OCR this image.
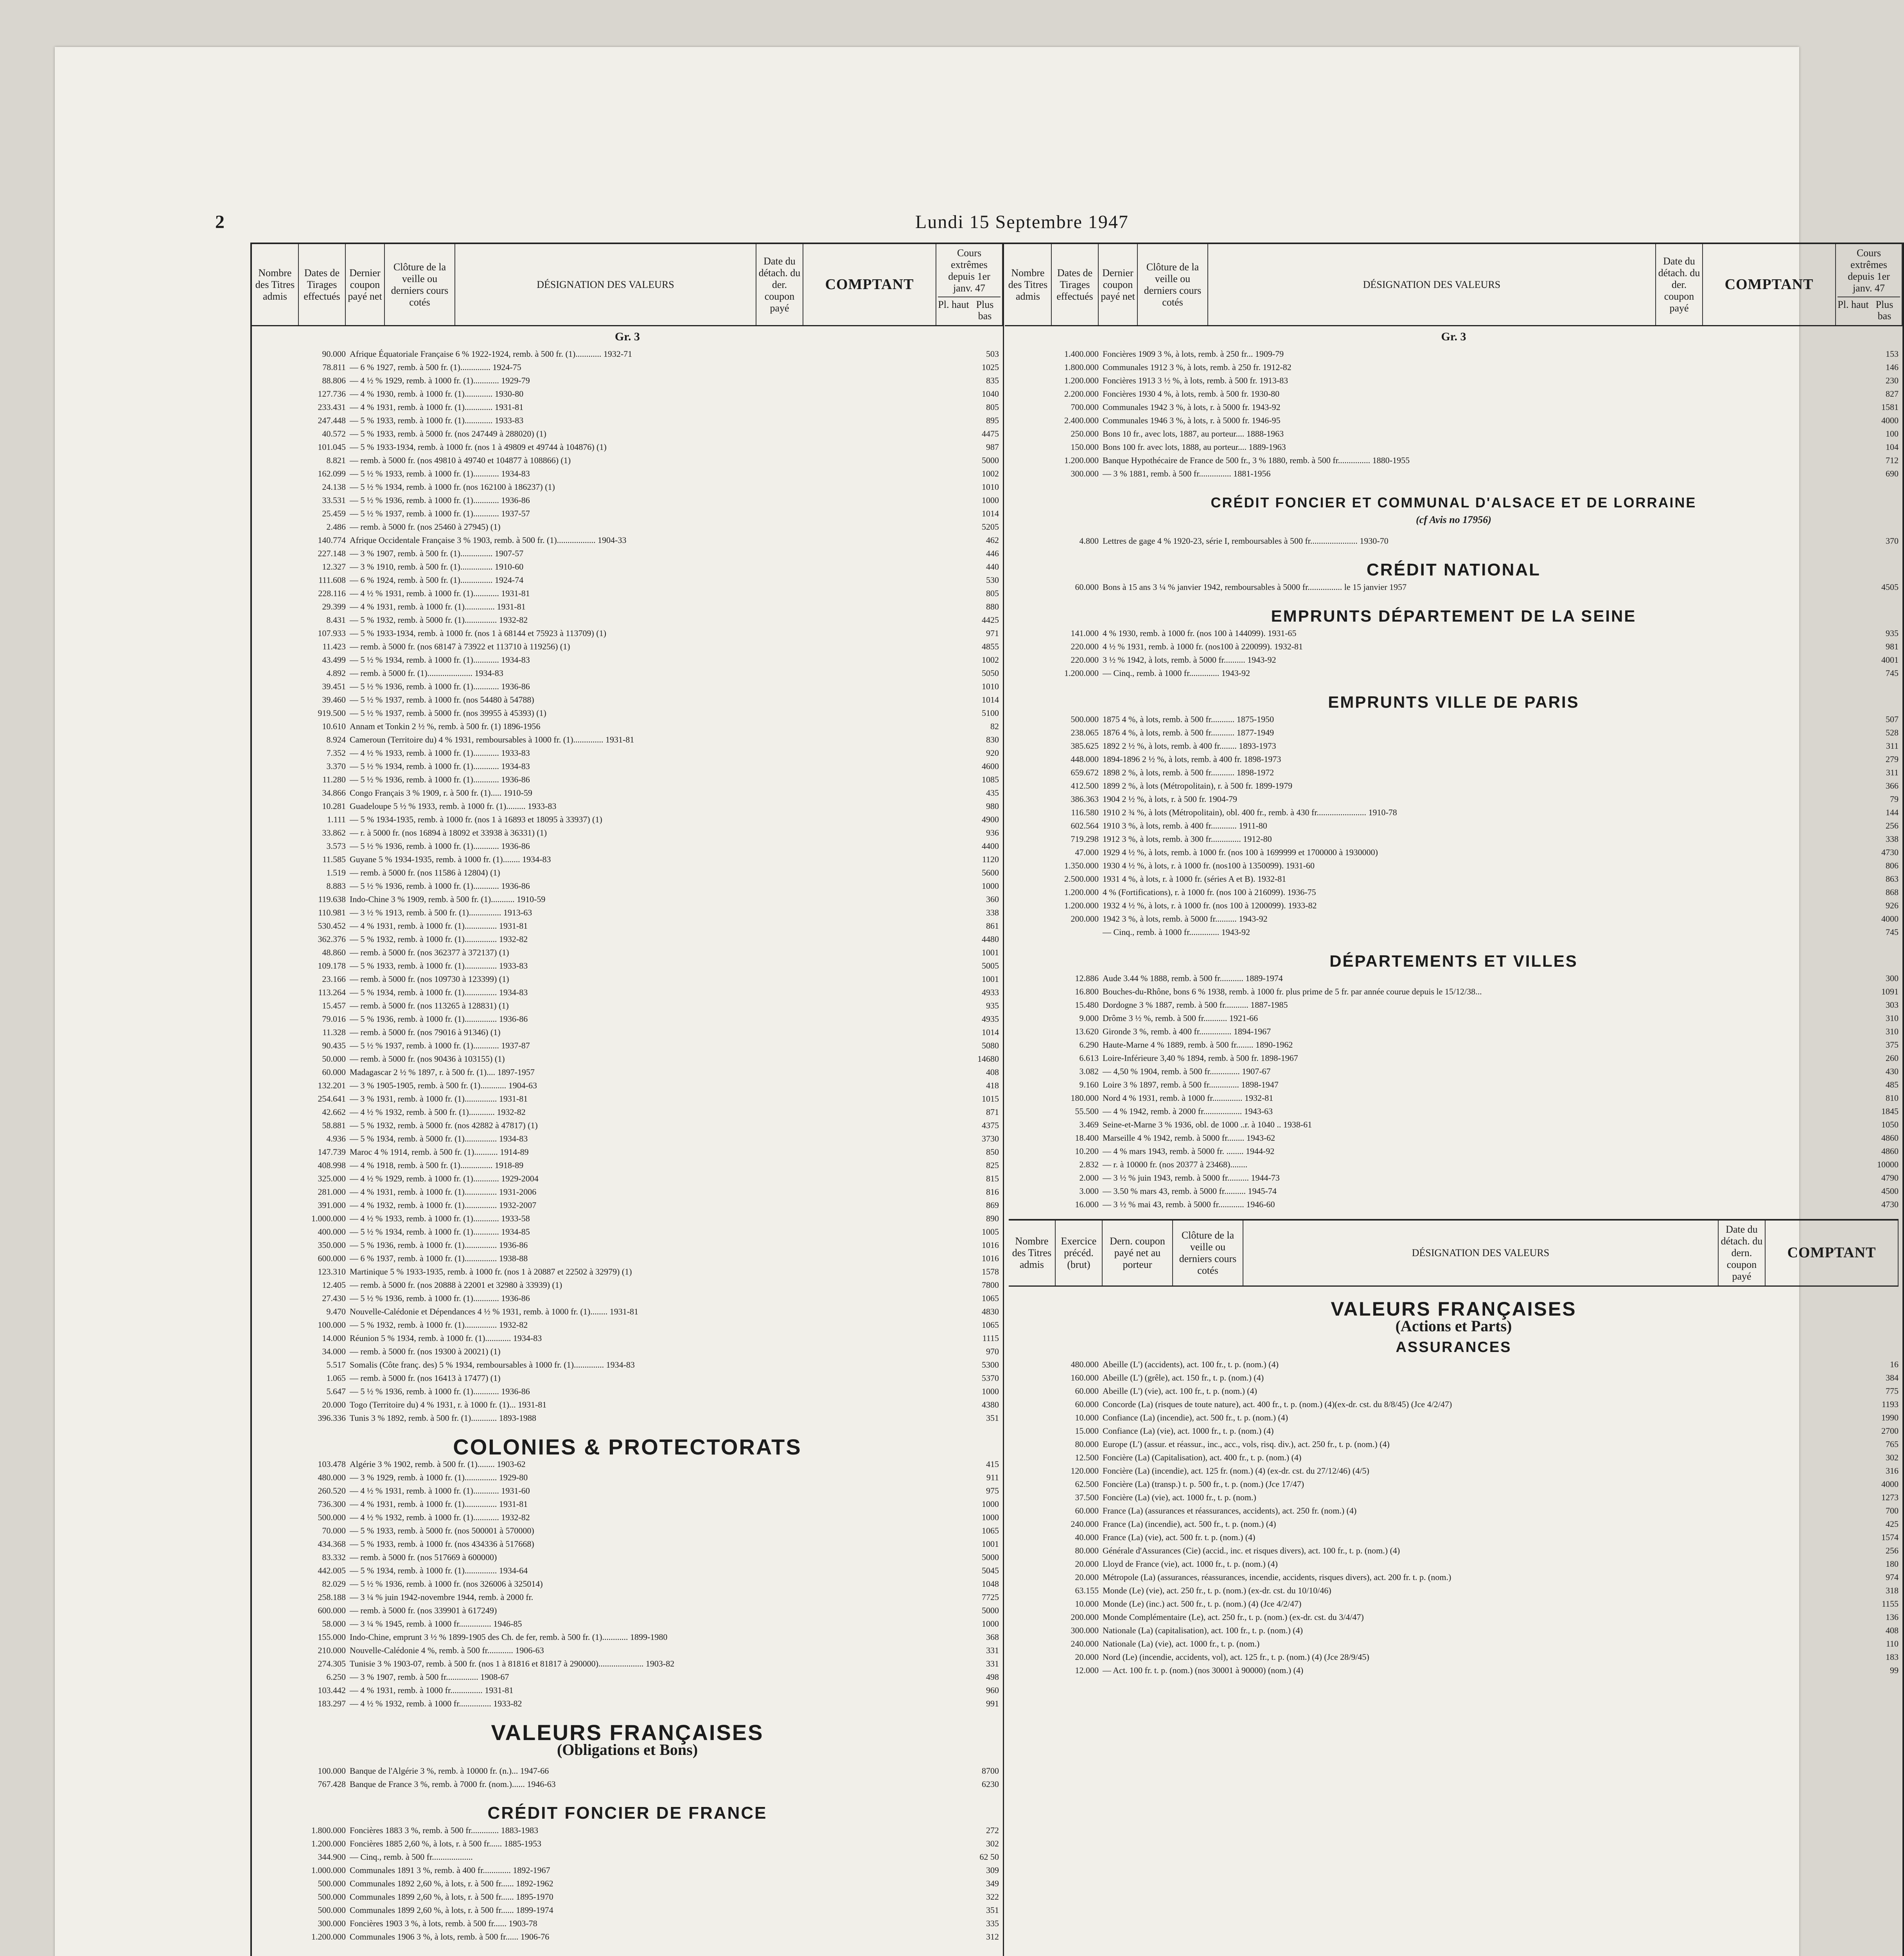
2	Lundi 15 Septembre 1947
Nombre des Titres admis	Dates de Tirages effectués	Dernier coupon payé net	Clôture de la veille ou derniers cours cotés	DÉSIGNATION DES VALEURS	Date du détach. du der. coupon payé	COMPTANT	
Cours extrêmes depuis 1er janv. 47
Pl. haut Plus bas
Gr. 3
90.000 Afrique Équatoriale Française 6 % 1922-1924, remb. à 500 fr. (1)............ 1932-71	503
78.811 — 6 % 1927, remb. à 500 fr. (1).............. 1924-75	1025
88.806 — 4 ½ % 1929, remb. à 1000 fr. (1)............ 1929-79	835
127.736 — 4 % 1930, remb. à 1000 fr. (1)............. 1930-80	1040
233.431 — 4 % 1931, remb. à 1000 fr. (1)............. 1931-81	805
247.448 — 5 % 1933, remb. à 1000 fr. (1)............. 1933-83	895
40.572 — 5 % 1933, remb. à 5000 fr. (nos 247449 à 288020) (1)	4475
101.045 — 5 % 1933-1934, remb. à 1000 fr. (nos 1 à 49809 et 49744 à 104876) (1)	987
8.821 — remb. à 5000 fr. (nos 49810 à 49740 et 104877 à 108866) (1)	5000
162.099 — 5 ½ % 1933, remb. à 1000 fr. (1)............ 1934-83	1002
24.138 — 5 ½ % 1934, remb. à 1000 fr. (nos 162100 à 186237) (1)	1010
33.531 — 5 ½ % 1936, remb. à 1000 fr. (1)............ 1936-86	1000
25.459 — 5 ½ % 1937, remb. à 1000 fr. (1)............ 1937-57	1014
2.486 — remb. à 5000 fr. (nos 25460 à 27945) (1)	5205
140.774 Afrique Occidentale Française 3 % 1903, remb. à 500 fr. (1).................. 1904-33	462
227.148 — 3 % 1907, remb. à 500 fr. (1)............... 1907-57	446
12.327 — 3 % 1910, remb. à 500 fr. (1)............... 1910-60	440
111.608 — 6 % 1924, remb. à 500 fr. (1)............... 1924-74	530
228.116 — 4 ½ % 1931, remb. à 1000 fr. (1)............ 1931-81	805
29.399 — 4 % 1931, remb. à 1000 fr. (1).............. 1931-81	880
8.431 — 5 % 1932, remb. à 5000 fr. (1)............... 1932-82	4425
107.933 — 5 % 1933-1934, remb. à 1000 fr. (nos 1 à 68144 et 75923 à 113709) (1)	971
11.423 — remb. à 5000 fr. (nos 68147 à 73922 et 113710 à 119256) (1)	4855
43.499 — 5 ½ % 1934, remb. à 1000 fr. (1)............ 1934-83	1002
4.892 — remb. à 5000 fr. (1)..................... 1934-83	5050
39.451 — 5 ½ % 1936, remb. à 1000 fr. (1)............ 1936-86	1010
39.460 — 5 ½ % 1937, remb. à 1000 fr. (nos 54480 à 54788)	1014
919.500 — 5 ½ % 1937, remb. à 5000 fr. (nos 39955 à 45393) (1)	5100
10.610 Annam et Tonkin 2 ½ %, remb. à 500 fr. (1) 1896-1956	82
8.924 Cameroun (Territoire du) 4 % 1931, remboursables à 1000 fr. (1).............. 1931-81	830
7.352 — 4 ½ % 1933, remb. à 1000 fr. (1)............ 1933-83	920
3.370 — 5 ½ % 1934, remb. à 1000 fr. (1)............ 1934-83	4600
11.280 — 5 ½ % 1936, remb. à 1000 fr. (1)............ 1936-86	1085
34.866 Congo Français 3 % 1909, r. à 500 fr. (1)..... 1910-59	435
10.281 Guadeloupe 5 ½ % 1933, remb. à 1000 fr. (1)......... 1933-83	980
1.111 — 5 % 1934-1935, remb. à 1000 fr. (nos 1 à 16893 et 18095 à 33937) (1)	4900
33.862 — r. à 5000 fr. (nos 16894 à 18092 et 33938 à 36331) (1)	936
3.573 — 5 ½ % 1936, remb. à 1000 fr. (1)............ 1936-86	4400
11.585 Guyane 5 % 1934-1935, remb. à 1000 fr. (1)........ 1934-83	1120
1.519 — remb. à 5000 fr. (nos 11586 à 12804) (1)	5600
8.883 — 5 ½ % 1936, remb. à 1000 fr. (1)............ 1936-86	1000
119.638 Indo-Chine 3 % 1909, remb. à 500 fr. (1)........... 1910-59	360
110.981 — 3 ½ % 1913, remb. à 500 fr. (1)............... 1913-63	338
530.452 — 4 % 1931, remb. à 1000 fr. (1)............... 1931-81	861
362.376 — 5 % 1932, remb. à 1000 fr. (1)............... 1932-82	4480
48.860 — remb. à 5000 fr. (nos 362377 à 372137) (1)	1001
109.178 — 5 % 1933, remb. à 1000 fr. (1)............... 1933-83	5005
23.166 — remb. à 5000 fr. (nos 109730 à 123399) (1)	1001
113.264 — 5 % 1934, remb. à 1000 fr. (1)............... 1934-83	4933
15.457 — remb. à 5000 fr. (nos 113265 à 128831) (1)	935
79.016 — 5 % 1936, remb. à 1000 fr. (1)............... 1936-86	4935
11.328 — remb. à 5000 fr. (nos 79016 à 91346) (1)	1014
90.435 — 5 ½ % 1937, remb. à 1000 fr. (1)............ 1937-87	5080
50.000 — remb. à 5000 fr. (nos 90436 à 103155) (1)	14680
60.000 Madagascar 2 ½ % 1897, r. à 500 fr. (1).... 1897-1957	408
132.201 — 3 % 1905-1905, remb. à 500 fr. (1)............ 1904-63	418
254.641 — 3 % 1931, remb. à 1000 fr. (1)............... 1931-81	1015
42.662 — 4 ½ % 1932, remb. à 500 fr. (1)............ 1932-82	871
58.881 — 5 % 1932, remb. à 5000 fr. (nos 42882 à 47817) (1)	4375
4.936 — 5 % 1934, remb. à 5000 fr. (1)............... 1934-83	3730
147.739 Maroc 4 % 1914, remb. à 500 fr. (1)........... 1914-89	850
408.998 — 4 % 1918, remb. à 500 fr. (1)............... 1918-89	825
325.000 — 4 ½ % 1929, remb. à 1000 fr. (1)............ 1929-2004	815
281.000 — 4 % 1931, remb. à 1000 fr. (1)............... 1931-2006	816
391.000 — 4 % 1932, remb. à 1000 fr. (1)............... 1932-2007	869
1.000.000 — 4 ½ % 1933, remb. à 1000 fr. (1)............ 1933-58	890
400.000 — 5 ½ % 1934, remb. à 1000 fr. (1)............ 1934-85	1005
350.000 — 5 % 1936, remb. à 1000 fr. (1)............... 1936-86	1016
600.000 — 6 % 1937, remb. à 1000 fr. (1)............... 1938-88	1016
123.310 Martinique 5 % 1933-1935, remb. à 1000 fr. (nos 1 à 20887 et 22502 à 32979) (1)	1578
12.405 — remb. à 5000 fr. (nos 20888 à 22001 et 32980 à 33939) (1)	7800
27.430 — 5 ½ % 1936, remb. à 1000 fr. (1)............ 1936-86	1065
9.470 Nouvelle-Calédonie et Dépendances 4 ½ % 1931, remb. à 1000 fr. (1)........ 1931-81	4830
100.000 — 5 % 1932, remb. à 1000 fr. (1)............... 1932-82	1065
14.000 Réunion 5 % 1934, remb. à 1000 fr. (1)............ 1934-83	1115
34.000 — remb. à 5000 fr. (nos 19300 à 20021) (1)	970
5.517 Somalis (Côte franç. des) 5 % 1934, remboursables à 1000 fr. (1).............. 1934-83	5300
1.065 — remb. à 5000 fr. (nos 16413 à 17477) (1)	5370
5.647 — 5 ½ % 1936, remb. à 1000 fr. (1)............ 1936-86	1000
20.000 Togo (Territoire du) 4 % 1931, r. à 1000 fr. (1)... 1931-81	4380
396.336 Tunis 3 % 1892, remb. à 500 fr. (1)............ 1893-1988	351
COLONIES & PROTECTORATS
103.478 Algérie 3 % 1902, remb. à 500 fr. (1)........ 1903-62	415
480.000 — 3 % 1929, remb. à 1000 fr. (1)............... 1929-80	911
260.520 — 4 ½ % 1931, remb. à 1000 fr. (1)............ 1931-60	975
736.300 — 4 % 1931, remb. à 1000 fr. (1)............... 1931-81	1000
500.000 — 4 ½ % 1932, remb. à 1000 fr. (1)............ 1932-82	1000
70.000 — 5 % 1933, remb. à 5000 fr. (nos 500001 à 570000)	1065
434.368 — 5 % 1933, remb. à 1000 fr. (nos 434336 à 517668)	1001
83.332 — remb. à 5000 fr. (nos 517669 à 600000)	5000
442.005 — 5 % 1934, remb. à 1000 fr. (1)............... 1934-64	5045
82.029 — 5 ½ % 1936, remb. à 1000 fr. (nos 326006 à 325014)	1048
258.188 — 3 ¼ % juin 1942-novembre 1944, remb. à 2000 fr.	7725
600.000 — remb. à 5000 fr. (nos 339901 à 617249)	5000
58.000 — 3 ¼ % 1945, remb. à 1000 fr............... 1946-85	1000
155.000 Indo-Chine, emprunt 3 ½ % 1899-1905 des Ch. de fer, remb. à 500 fr. (1)............ 1899-1980	368
210.000 Nouvelle-Calédonie 4 %, remb. à 500 fr............ 1906-63	331
274.305 Tunisie 3 % 1903-07, remb. à 500 fr. (nos 1 à 81816 et 81817 à 290000)..................... 1903-82	331
6.250 — 3 % 1907, remb. à 500 fr............... 1908-67	498
103.442 — 4 % 1931, remb. à 1000 fr............... 1931-81	960
183.297 — 4 ½ % 1932, remb. à 1000 fr............... 1933-82	991
VALEURS FRANÇAISES
(Obligations et Bons)
100.000 Banque de l'Algérie 3 %, remb. à 10000 fr. (n.)... 1947-66	8700
767.428 Banque de France 3 %, remb. à 7000 fr. (nom.)...... 1946-63	6230
CRÉDIT FONCIER DE FRANCE
1.800.000 Foncières 1883 3 %, remb. à 500 fr............. 1883-1983	272
1.200.000 Foncières 1885 2,60 %, à lots, r. à 500 fr...... 1885-1953	302
344.900 — Cinq., remb. à 500 fr...................	62 50
1.000.000 Communales 1891 3 %, remb. à 400 fr............. 1892-1967	309
500.000 Communales 1892 2,60 %, à lots, r. à 500 fr...... 1892-1962	349
500.000 Communales 1899 2,60 %, à lots, r. à 500 fr...... 1895-1970	322
500.000 Communales 1899 2,60 %, à lots, r. à 500 fr...... 1899-1974	351
300.000 Foncières 1903 3 %, à lots, remb. à 500 fr...... 1903-78	335
1.200.000 Communales 1906 3 %, à lots, remb. à 500 fr...... 1906-76	312
Nombre des Titres admis	Dates de Tirages effectués	Dernier coupon payé net	Clôture de la veille ou derniers cours cotés	DÉSIGNATION DES VALEURS	Date du détach. du der. coupon payé	COMPTANT	
Cours extrêmes depuis 1er janv. 47
Pl. haut Plus bas
Gr. 3
1.400.000 Foncières 1909 3 %, à lots, remb. à 250 fr... 1909-79	153
1.800.000 Communales 1912 3 %, à lots, remb. à 250 fr. 1912-82	146
1.200.000 Foncières 1913 3 ½ %, à lots, remb. à 500 fr. 1913-83	230
2.200.000 Foncières 1930 4 %, à lots, remb. à 500 fr. 1930-80	827
700.000 Communales 1942 3 %, à lots, r. à 5000 fr. 1943-92	1581
2.400.000 Communales 1946 3 %, à lots, r. à 5000 fr. 1946-95	4000
250.000 Bons 10 fr., avec lots, 1887, au porteur.... 1888-1963	100
150.000 Bons 100 fr. avec lots, 1888, au porteur.... 1889-1963	104
1.200.000 Banque Hypothécaire de France de 500 fr., 3 % 1880, remb. à 500 fr............... 1880-1955	712
300.000 — 3 % 1881, remb. à 500 fr............... 1881-1956	690
CRÉDIT FONCIER ET COMMUNAL D'ALSACE ET DE LORRAINE
(cf Avis no 17956)
4.800 Lettres de gage 4 % 1920-23, série I, remboursables à 500 fr...................... 1930-70	370
CRÉDIT NATIONAL
60.000 Bons à 15 ans 3 ¼ % janvier 1942, remboursables à 5000 fr................ le 15 janvier 1957	4505
EMPRUNTS DÉPARTEMENT DE LA SEINE
141.000 4 % 1930, remb. à 1000 fr. (nos 100 à 144099). 1931-65	935
220.000 4 ½ % 1931, remb. à 1000 fr. (nos100 à 220099). 1932-81	981
220.000 3 ½ % 1942, à lots, remb. à 5000 fr.......... 1943-92	4001
1.200.000 — Cinq., remb. à 1000 fr.............. 1943-92	745
EMPRUNTS VILLE DE PARIS
500.000 1875 4 %, à lots, remb. à 500 fr........... 1875-1950	507
238.065 1876 4 %, à lots, remb. à 500 fr........... 1877-1949	528
385.625 1892 2 ½ %, à lots, remb. à 400 fr........ 1893-1973	311
448.000 1894-1896 2 ½ %, à lots, remb. à 400 fr. 1898-1973	279
659.672 1898 2 %, à lots, remb. à 500 fr........... 1898-1972	311
412.500 1899 2 %, à lots (Métropolitain), r. à 500 fr. 1899-1979	366
386.363 1904 2 ½ %, à lots, r. à 500 fr. 1904-79	79
116.580 1910 2 ¾ %, à lots (Métropolitain), obl. 400 fr., remb. à 430 fr....................... 1910-78	144
602.564 1910 3 %, à lots, remb. à 400 fr............ 1911-80	256
719.298 1912 3 %, à lots, remb. à 300 fr.............. 1912-80	338
47.000 1929 4 ½ %, à lots, remb. à 1000 fr. (nos 100 à 1699999 et 1700000 à 1930000)	4730
1.350.000 1930 4 ½ %, à lots, r. à 1000 fr. (nos100 à 1350099). 1931-60	806
2.500.000 1931 4 %, à lots, r. à 1000 fr. (séries A et B). 1932-81	863
1.200.000 4 % (Fortifications), r. à 1000 fr. (nos 100 à 216099). 1936-75	868
1.200.000 1932 4 ½ %, à lots, r. à 1000 fr. (nos 100 à 1200099). 1933-82	926
200.000 1942 3 %, à lots, remb. à 5000 fr.......... 1943-92	4000
— Cinq., remb. à 1000 fr.............. 1943-92	745
DÉPARTEMENTS ET VILLES
12.886 Aude 3.44 % 1888, remb. à 500 fr........... 1889-1974	300
16.800 Bouches-du-Rhône, bons 6 % 1938, remb. à 1000 fr. plus prime de 5 fr. par année courue depuis le 15/12/38...	1091
15.480 Dordogne 3 % 1887, remb. à 500 fr........... 1887-1985	303
9.000 Drôme 3 ½ %, remb. à 500 fr........... 1921-66	310
13.620 Gironde 3 %, remb. à 400 fr............... 1894-1967	310
6.290 Haute-Marne 4 % 1889, remb. à 500 fr........ 1890-1962	375
6.613 Loire-Inférieure 3,40 % 1894, remb. à 500 fr. 1898-1967	260
3.082 — 4,50 % 1904, remb. à 500 fr.............. 1907-67	430
9.160 Loire 3 % 1897, remb. à 500 fr.............. 1898-1947	485
180.000 Nord 4 % 1931, remb. à 1000 fr.............. 1932-81	810
55.500 — 4 % 1942, remb. à 2000 fr.................. 1943-63	1845
3.469 Seine-et-Marne 3 % 1936, obl. de 1000 ..r. à 1040 .. 1938-61	1050
18.400 Marseille 4 % 1942, remb. à 5000 fr........ 1943-62	4860
10.200 — 4 % mars 1943, remb. à 5000 fr. ........ 1944-92	4860
2.832 — r. à 10000 fr. (nos 20377 à 23468)........	10000
2.000 — 3 ½ % juin 1943, remb. à 5000 fr.......... 1944-73	4790
3.000 — 3.50 % mars 43, remb. à 5000 fr.......... 1945-74	4500
16.000 — 3 ½ % mai 43, remb. à 5000 fr............ 1946-60	4730
Nombre des Titres admis	Exercice précéd. (brut)	Dern. coupon payé net au porteur	Clôture de la veille ou derniers cours cotés	DÉSIGNATION DES VALEURS	Date du détach. du dern. coupon payé	COMPTANT
VALEURS FRANÇAISES
(Actions et Parts)
ASSURANCES
480.000 Abeille (L') (accidents), act. 100 fr., t. p. (nom.) (4)	16
160.000 Abeille (L') (grêle), act. 150 fr., t. p. (nom.) (4)	384
60.000 Abeille (L') (vie), act. 100 fr., t. p. (nom.) (4)	775
60.000 Concorde (La) (risques de toute nature), act. 400 fr., t. p. (nom.) (4)(ex-dr. cst. du 8/8/45) (Jce 4/2/47)	1193
10.000 Confiance (La) (incendie), act. 500 fr., t. p. (nom.) (4)	1990
15.000 Confiance (La) (vie), act. 1000 fr., t. p. (nom.) (4)	2700
80.000 Europe (L') (assur. et réassur., inc., acc., vols, risq. div.), act. 250 fr., t. p. (nom.) (4)	765
12.500 Foncière (La) (Capitalisation), act. 400 fr., t. p. (nom.) (4)	302
120.000 Foncière (La) (incendie), act. 125 fr. (nom.) (4) (ex-dr. cst. du 27/12/46) (4/5)	316
62.500 Foncière (La) (transp.) t. p. 500 fr., t. p. (nom.) (Jce 17/47)	4000
37.500 Foncière (La) (vie), act. 1000 fr., t. p. (nom.)	1273
60.000 France (La) (assurances et réassurances, accidents), act. 250 fr. (nom.) (4)	700
240.000 France (La) (incendie), act. 500 fr., t. p. (nom.) (4)	425
40.000 France (La) (vie), act. 500 fr. t. p. (nom.) (4)	1574
80.000 Générale d'Assurances (Cie) (accid., inc. et risques divers), act. 100 fr., t. p. (nom.) (4)	256
20.000 Lloyd de France (vie), act. 1000 fr., t. p. (nom.) (4)	180
20.000 Métropole (La) (assurances, réassurances, incendie, accidents, risques divers), act. 200 fr. t. p. (nom.)	974
63.155 Monde (Le) (vie), act. 250 fr., t. p. (nom.) (ex-dr. cst. du 10/10/46)	318
10.000 Monde (Le) (inc.) act. 500 fr., t. p. (nom.) (4) (Jce 4/2/47)	1155
200.000 Monde Complémentaire (Le), act. 250 fr., t. p. (nom.) (ex-dr. cst. du 3/4/47)	136
300.000 Nationale (La) (capitalisation), act. 100 fr., t. p. (nom.) (4)	408
240.000 Nationale (La) (vie), act. 1000 fr., t. p. (nom.)	110
20.000 Nord (Le) (incendie, accidents, vol), act. 125 fr., t. p. (nom.) (4) (Jce 28/9/45)	183
12.000 — Act. 100 fr. t. p. (nom.) (nos 30001 à 90000) (nom.) (4)	99
